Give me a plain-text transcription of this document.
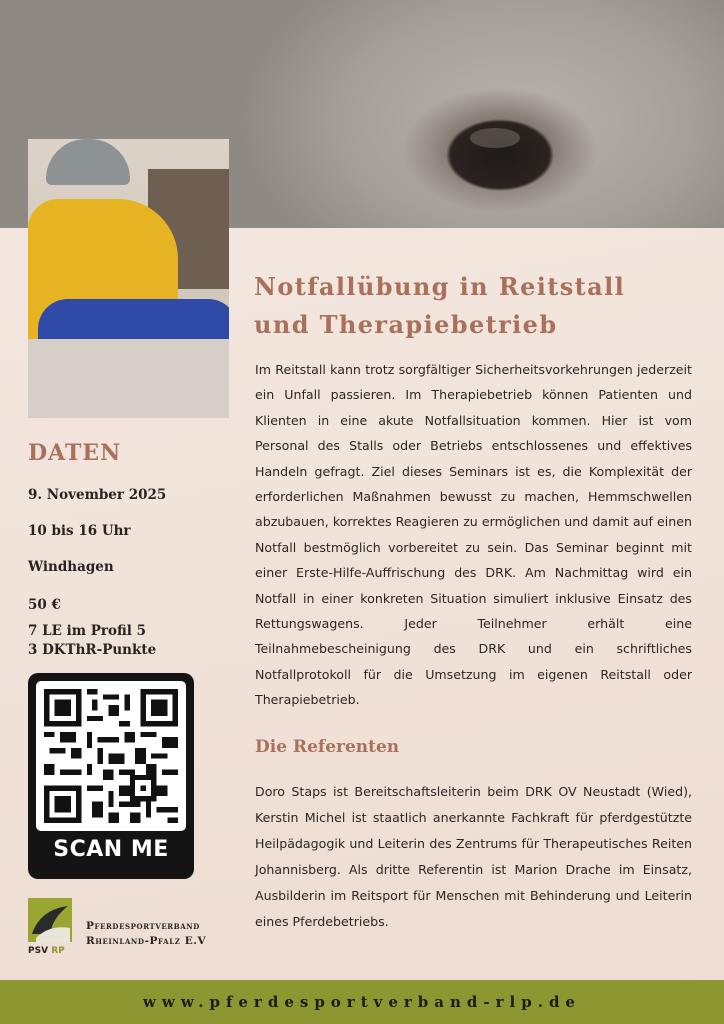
Notfallübung in Reitstall
und Therapiebetrieb

Im Reitstall kann trotz sorgfältiger Sicherheitsvorkehrungen jederzeit ein Unfall passieren. Im Therapiebetrieb können Patienten und Klienten in eine akute Notfallsituation kommen. Hier ist vom Personal des Stalls oder Betriebs entschlossenes und effektives Handeln gefragt. Ziel dieses Seminars ist es, die Komplexität der erforderlichen Maßnahmen bewusst zu machen, Hemmschwellen abzubauen, korrektes Reagieren zu ermöglichen und damit auf einen Notfall bestmöglich vorbereitet zu sein. Das Seminar beginnt mit einer Erste-Hilfe-Auffrischung des DRK. Am Nachmittag wird ein Notfall in einer konkreten Situation simuliert inklusive Einsatz des Rettungswagens. Jeder Teilnehmer erhält eine Teilnahmebescheinigung des DRK und ein schriftliches Notfallprotokoll für die Umsetzung im eigenen Reitstall oder Therapiebetrieb.

Die Referenten

Doro Staps ist Bereitschaftsleiterin beim DRK OV Neustadt (Wied), Kerstin Michel ist staatlich anerkannte Fachkraft für pferdgestützte Heilpädagogik und Leiterin des Zentrums für Therapeutisches Reiten Johannisberg. Als dritte Referentin ist Marion Drache im Einsatz, Ausbilderin im Reitsport für Menschen mit Behinderung und Leiterin eines Pferdebetriebs.

DATEN

9. November 2025

10 bis 16 Uhr

Windhagen

50 €

7 LE im Profil 5
3 DKThR-Punkte

SCAN ME

PSV RP

Pferdesportverband
Rheinland-Pfalz E.V

www.pferdesportverband-rlp.de
